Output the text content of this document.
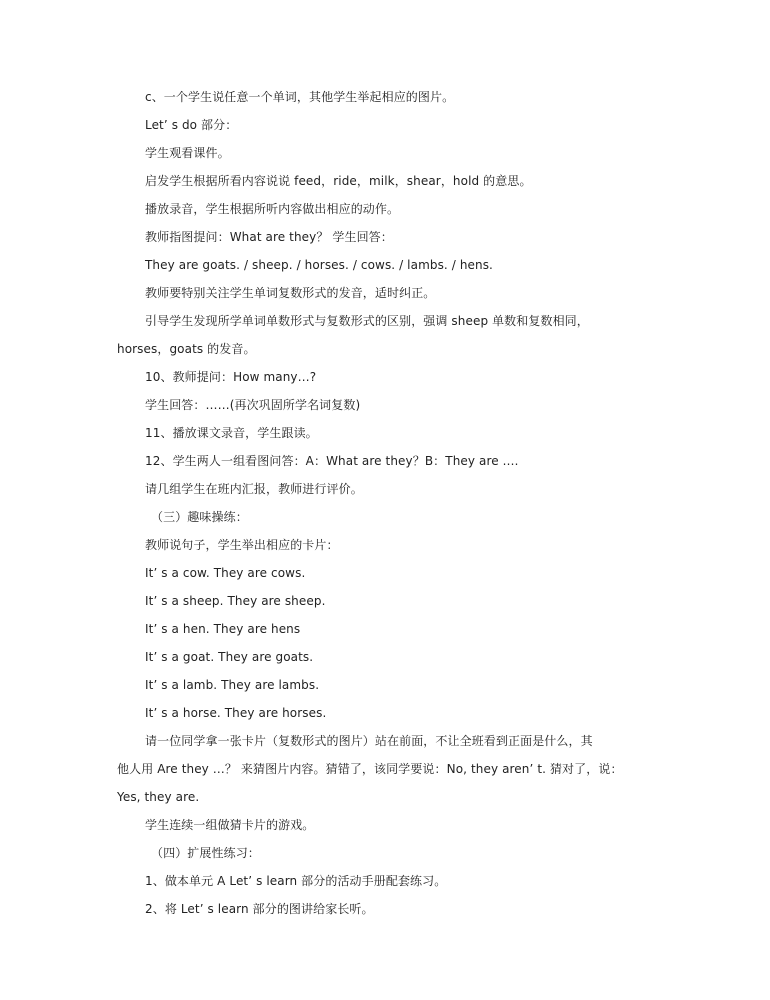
c、一个学生说任意一个单词，其他学生举起相应的图片。
Let’ s do 部分：
学生观看课件。
启发学生根据所看内容说说 feed，ride，milk，shear，hold 的意思。
播放录音，学生根据所听内容做出相应的动作。
教师指图提问：What are they？ 学生回答：
They are goats. / sheep. / horses. / cows. / lambs. / hens.
教师要特别关注学生单词复数形式的发音，适时纠正。
引导学生发现所学单词单数形式与复数形式的区别，强调 sheep 单数和复数相同，
horses，goats 的发音。
10、教师提问：How many…?
学生回答：……(再次巩固所学名词复数)
11、播放课文录音，学生跟读。
12、学生两人一组看图问答：A：What are they？B：They are .…
请几组学生在班内汇报，教师进行评价。
（三）趣味操练：
教师说句子，学生举出相应的卡片：
It’ s a cow. They are cows.
It’ s a sheep. They are sheep.
It’ s a hen. They are hens
It’ s a goat. They are goats.
It’ s a lamb. They are lambs.
It’ s a horse. They are horses.
请一位同学拿一张卡片（复数形式的图片）站在前面，不让全班看到正面是什么，其
他人用 Are they …？ 来猜图片内容。猜错了，该同学要说：No, they aren’ t. 猜对了，说：
Yes, they are.
学生连续一组做猜卡片的游戏。
（四）扩展性练习：
1、做本单元 A Let’ s learn 部分的活动手册配套练习。
2、将 Let’ s learn 部分的图讲给家长听。
